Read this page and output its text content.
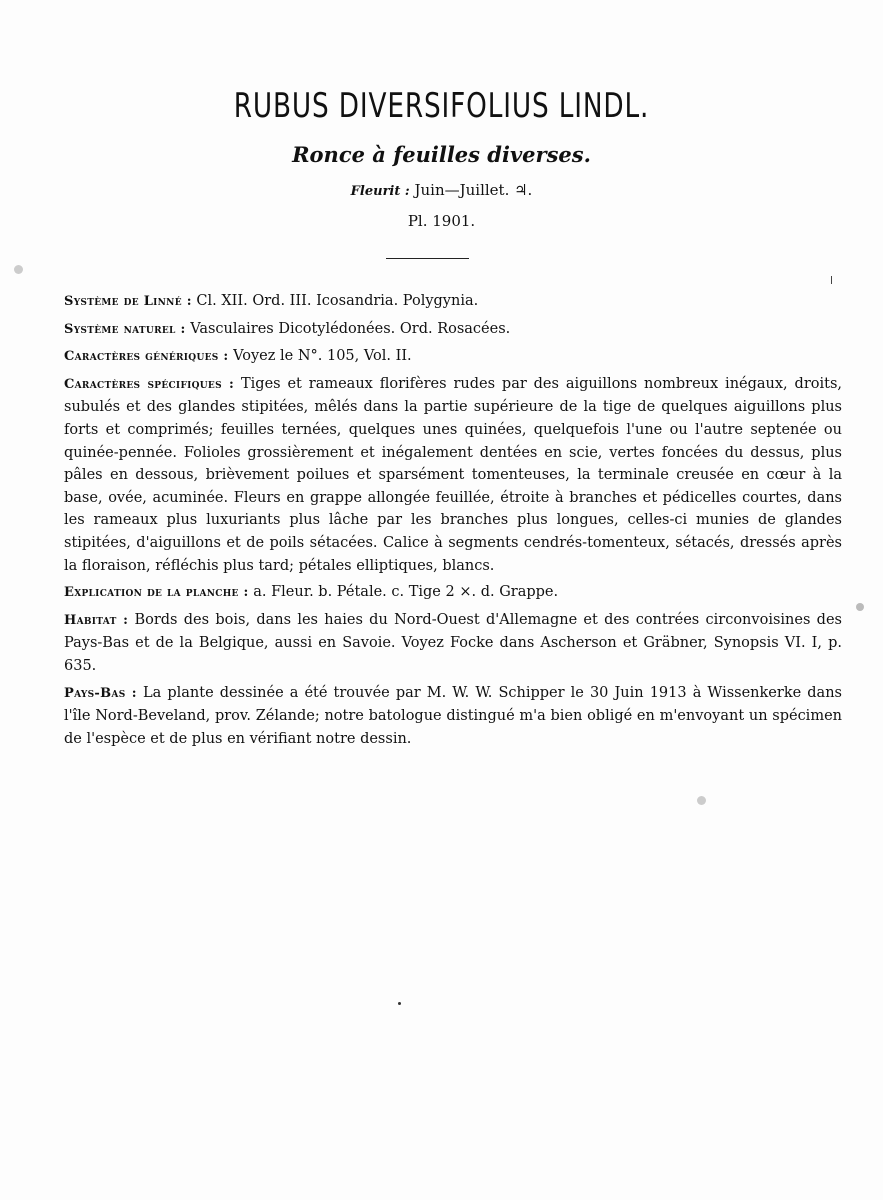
RUBUS DIVERSIFOLIUS LINDL.
Ronce à feuilles diverses.
Fleurit : Juin—Juillet. ♃.
Pl. 1901.

Système de Linné : Cl. XII. Ord. III. Icosandria. Polygynia.

Système naturel : Vasculaires Dicotylédonées. Ord. Rosacées.

Caractères génériques : Voyez le N°. 105, Vol. II.

Caractères spécifiques : Tiges et rameaux florifères rudes par des aiguillons nombreux inégaux, droits, subulés et des glandes stipitées, mêlés dans la partie supérieure de la tige de quelques aiguillons plus forts et comprimés; feuilles ternées, quelques unes quinées, quelquefois l'une ou l'autre septenée ou quinée-pennée. Folioles grossièrement et inégalement dentées en scie, vertes foncées du dessus, plus pâles en dessous, brièvement poilues et sparsément tomenteuses, la terminale creusée en cœur à la base, ovée, acuminée. Fleurs en grappe allongée feuillée, étroite à branches et pédicelles courtes, dans les rameaux plus luxuriants plus lâche par les branches plus longues, celles-ci munies de glandes stipitées, d'aiguillons et de poils sétacées. Calice à segments cendrés-tomenteux, sétacés, dressés après la floraison, réfléchis plus tard; pétales elliptiques, blancs.

Explication de la planche : a. Fleur. b. Pétale. c. Tige 2 ×. d. Grappe.

Habitat : Bords des bois, dans les haies du Nord-Ouest d'Allemagne et des contrées circonvoisines des Pays-Bas et de la Belgique, aussi en Savoie. Voyez Focke dans Ascherson et Gräbner, Synopsis VI. I, p. 635.

Pays-Bas : La plante dessinée a été trouvée par M. W. W. Schipper le 30 Juin 1913 à Wissenkerke dans l'île Nord-Beveland, prov. Zélande; notre batologue distingué m'a bien obligé en m'envoyant un spécimen de l'espèce et de plus en vérifiant notre dessin.
